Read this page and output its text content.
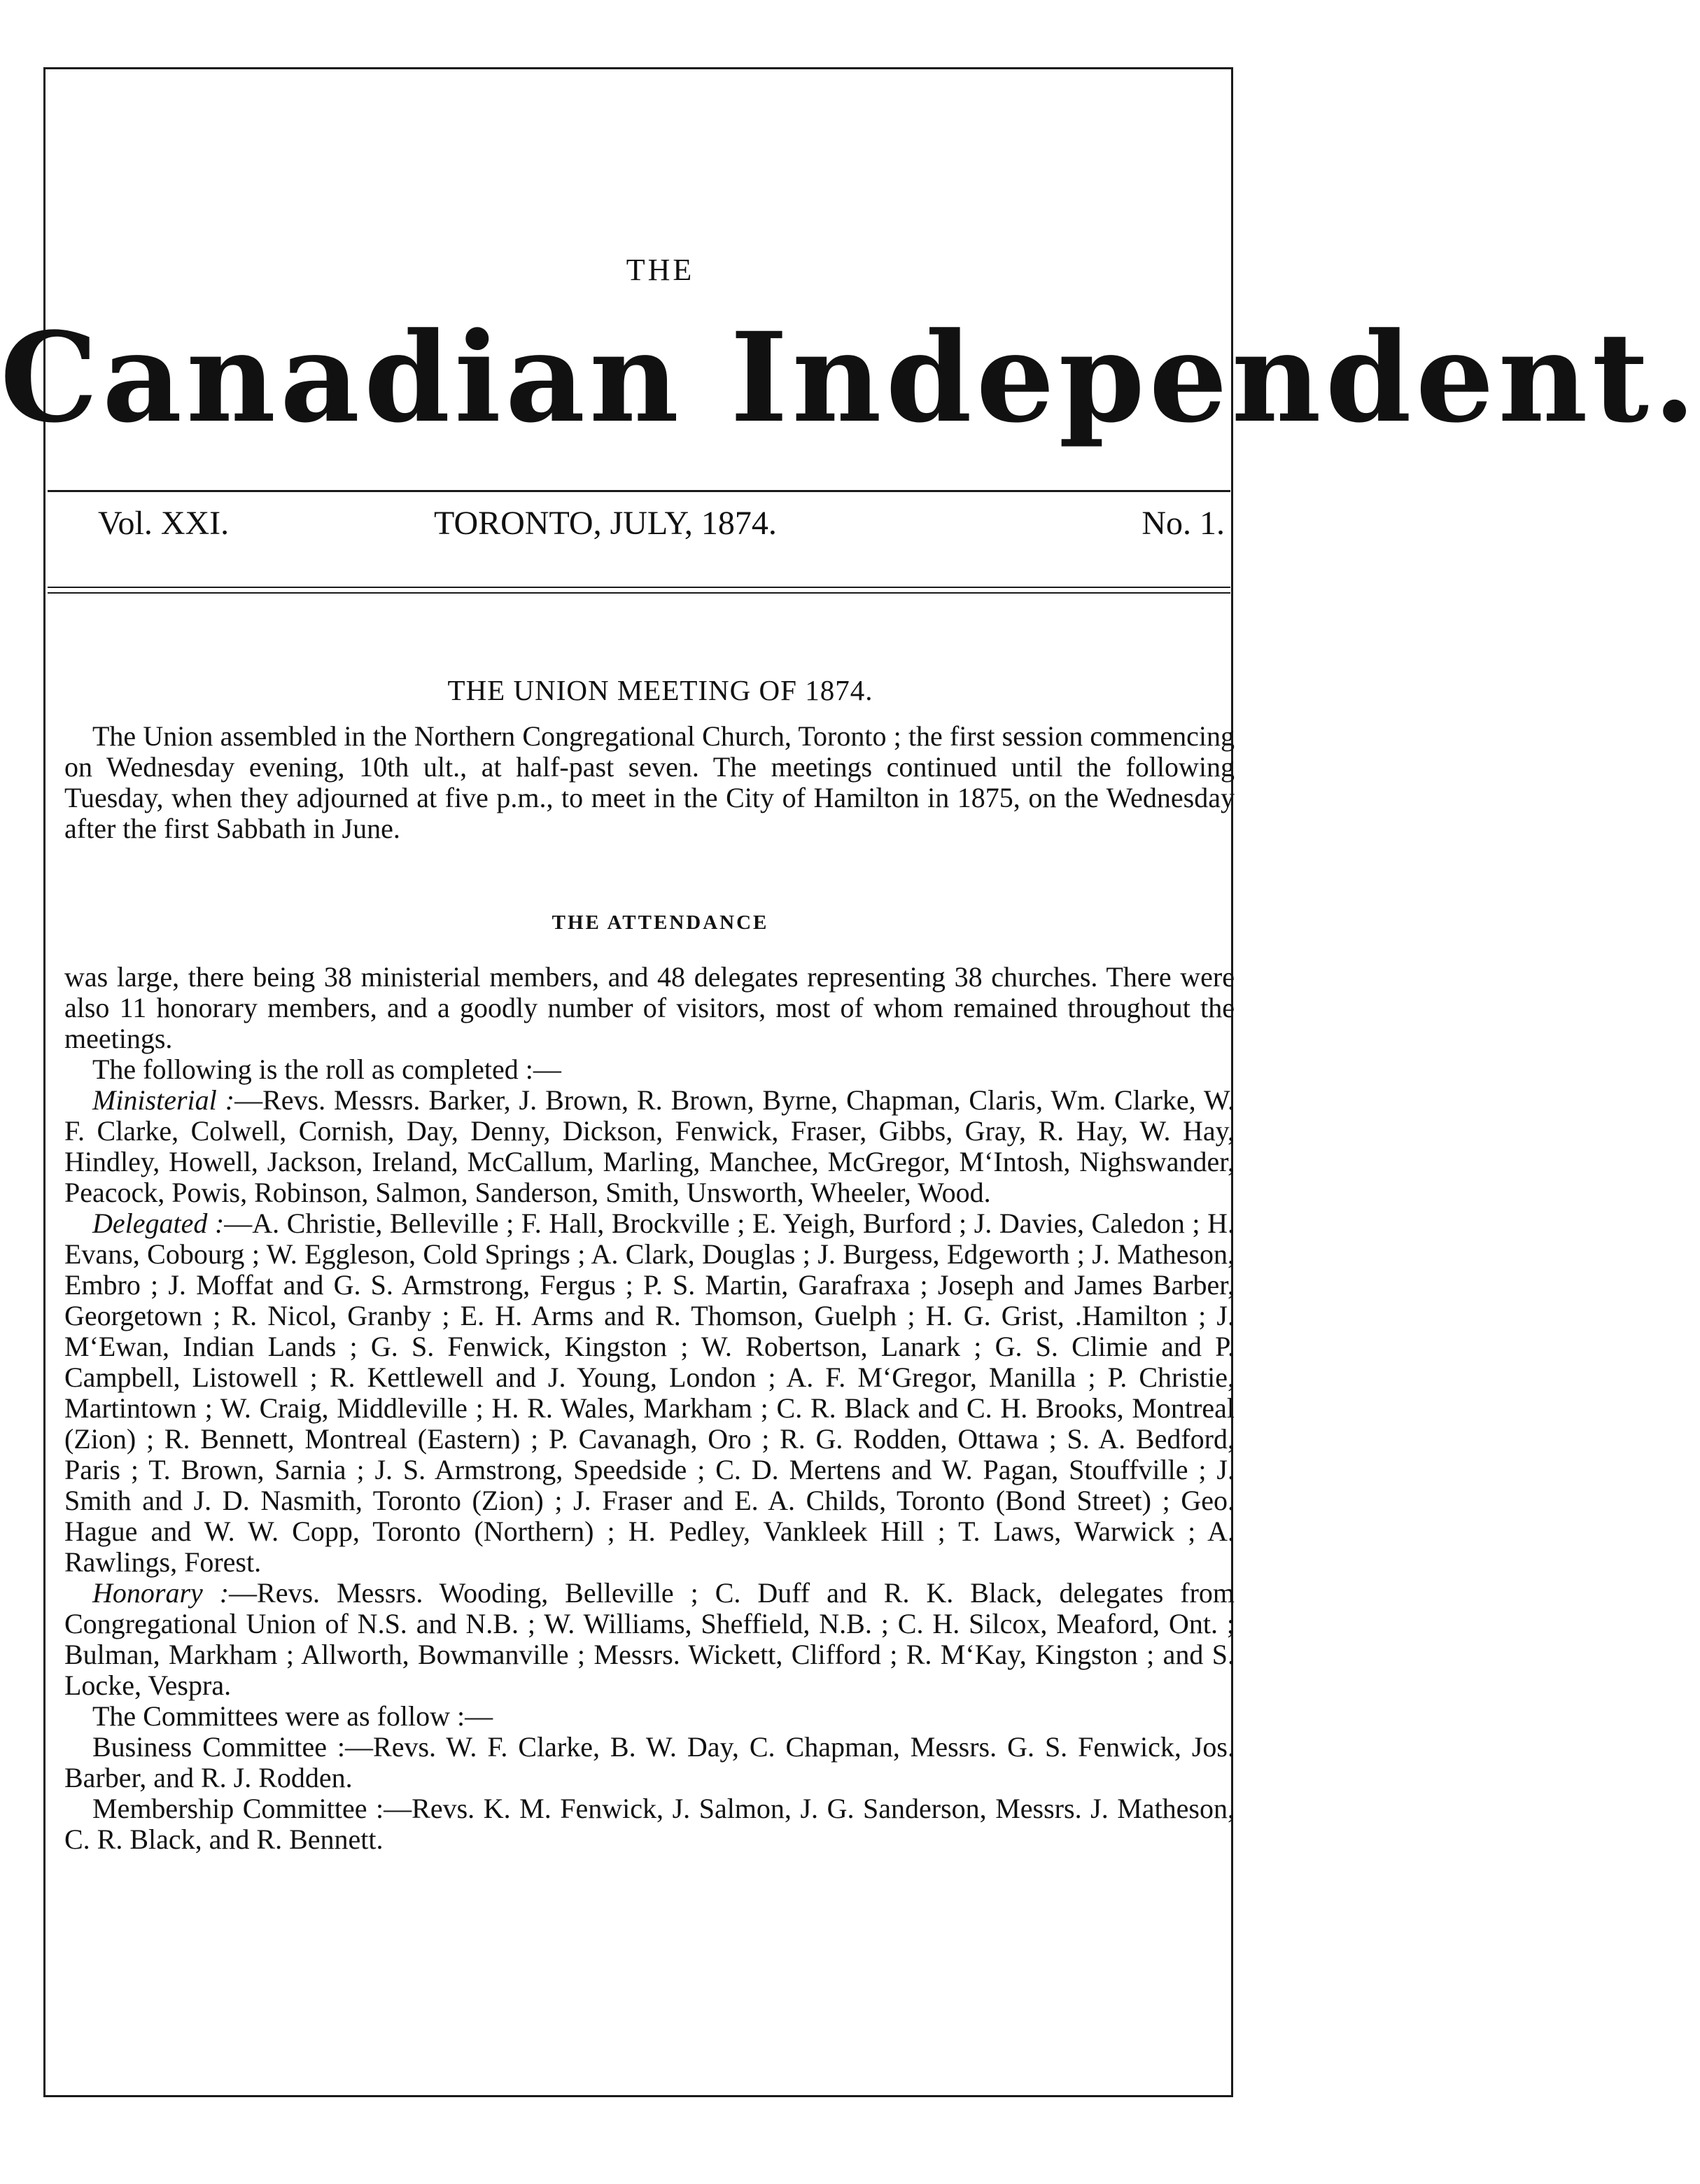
THE
Canadian Independent.
Vol. XXI.	TORONTO, JULY, 1874.	No. 1.
THE UNION MEETING OF 1874.

The Union assembled in the Northern Congregational Church, Toronto ; the first session commencing on Wednesday evening, 10th ult., at half-past seven. The meetings continued until the following Tuesday, when they adjourned at five p.m., to meet in the City of Hamilton in 1875, on the Wednesday after the first Sabbath in June.

THE ATTENDANCE

was large, there being 38 ministerial members, and 48 delegates representing 38 churches. There were also 11 honorary members, and a goodly number of visitors, most of whom remained throughout the meetings.

The following is the roll as completed :—

Ministerial :—Revs. Messrs. Barker, J. Brown, R. Brown, Byrne, Chapman, Claris, Wm. Clarke, W. F. Clarke, Colwell, Cornish, Day, Denny, Dickson, Fenwick, Fraser, Gibbs, Gray, R. Hay, W. Hay, Hindley, Howell, Jackson, Ireland, McCallum, Marling, Manchee, McGregor, M‘Intosh, Nighswander, Peacock, Powis, Robinson, Salmon, Sanderson, Smith, Unsworth, Wheeler, Wood.

Delegated :—A. Christie, Belleville ; F. Hall, Brockville ; E. Yeigh, Burford ; J. Davies, Caledon ; H. Evans, Cobourg ; W. Eggleson, Cold Springs ; A. Clark, Douglas ; J. Burgess, Edgeworth ; J. Matheson, Embro ; J. Moffat and G. S. Armstrong, Fergus ; P. S. Martin, Garafraxa ; Joseph and James Barber, Georgetown ; R. Nicol, Granby ; E. H. Arms and R. Thomson, Guelph ; H. G. Grist, .Hamilton ; J. M‘Ewan, Indian Lands ; G. S. Fenwick, Kingston ; W. Robertson, Lanark ; G. S. Climie and P. Campbell, Listowell ; R. Kettlewell and J. Young, London ; A. F. M‘Gregor, Manilla ; P. Christie, Martintown ; W. Craig, Middleville ; H. R. Wales, Markham ; C. R. Black and C. H. Brooks, Montreal (Zion) ; R. Bennett, Montreal (Eastern) ; P. Cavanagh, Oro ; R. G. Rodden, Ottawa ; S. A. Bedford, Paris ; T. Brown, Sarnia ; J. S. Armstrong, Speedside ; C. D. Mertens and W. Pagan, Stouffville ; J. Smith and J. D. Nasmith, Toronto (Zion) ; J. Fraser and E. A. Childs, Toronto (Bond Street) ; Geo. Hague and W. W. Copp, Toronto (Northern) ; H. Pedley, Vankleek Hill ; T. Laws, Warwick ; A. Rawlings, Forest.

Honorary :—Revs. Messrs. Wooding, Belleville ; C. Duff and R. K. Black, delegates from Congregational Union of N.S. and N.B. ; W. Williams, Sheffield, N.B. ; C. H. Silcox, Meaford, Ont. ; Bulman, Markham ; Allworth, Bowmanville ; Messrs. Wickett, Clifford ; R. M‘Kay, Kingston ; and S. Locke, Vespra.

The Committees were as follow :—

Business Committee :—Revs. W. F. Clarke, B. W. Day, C. Chapman, Messrs. G. S. Fenwick, Jos. Barber, and R. J. Rodden.

Membership Committee :—Revs. K. M. Fenwick, J. Salmon, J. G. Sanderson, Messrs. J. Matheson, C. R. Black, and R. Bennett.
